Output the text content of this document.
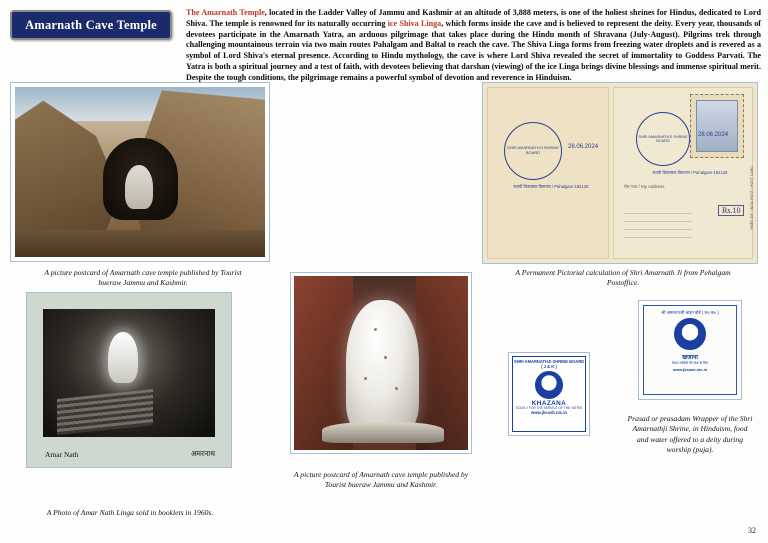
Amarnath Cave Temple
The Amarnath Temple, located in the Ladder Valley of Jammu and Kashmir at an altitude of 3,888 meters, is one of the holiest shrines for Hindus, dedicated to Lord Shiva. The temple is renowned for its naturally occurring ice Shiva Linga, which forms inside the cave and is believed to represent the deity. Every year, thousands of devotees participate in the Amarnath Yatra, an arduous pilgrimage that takes place during the Hindu month of Shravana (July-August). Pilgrims trek through challenging mountainous terrain via two main routes Pahalgam and Baltal to reach the cave. The Shiva Linga forms from freezing water droplets and is revered as a symbol of Lord Shiva's eternal presence. According to Hindu mythology, the cave is where Lord Shiva revealed the secret of immortality to Goddess Parvati. The Yatra is both a spiritual journey and a test of faith, with devotees believing that darshan (viewing) of the ice Linga brings divine blessings and immense spiritual merit. Despite the tough conditions, the pilgrimage remains a powerful symbol of devotion and reverence in Hinduism.
A picture postcard of Amarnath cave temple published by Tourist bueraw Jammu and Kashmir.
Amar Nath	अमरनाथ
A Photo of Amar Nath Linga sold in booklets in 1960s.
A picture postcard of Amarnath cave temple published by Tourist bueraw Jammu and Kashmir.
SHRI AMARNATHJI SHRINE BOARD
28.06.2024
स्थायी चित्रात्मक विरूपण / Pahalgam-192126
SHRI AMARNATHJI SHRINE BOARD
28.06.2024
स्थायी चित्रात्मक विरूपण / Pahalgam-192126
मेरा पता / My Address
Rs.10	भारतीय डाक / INDIA POST • POST CARD
A Permanent Pictorial calculation of Shri Amarnath Ji from Pehalgam Postoffice.
SHRI AMARNATHJI SHRINE BOARD ( J & K )
KHAZANA
SOLELY FOR THE SERVICE OF THE YATRIS
www.jksasb.nic.in
श्री अमरनाथजी श्राइन बोर्ड ( ज० क० )
खजाना
केवल यात्रियों की सेवा के लिए
www.jksasb.nic.in
Prasad or prasadam Wrapper of the Shri Amarnathji Shrine, in Hinduism, food and water offered to a deity during worship (puja).
32
